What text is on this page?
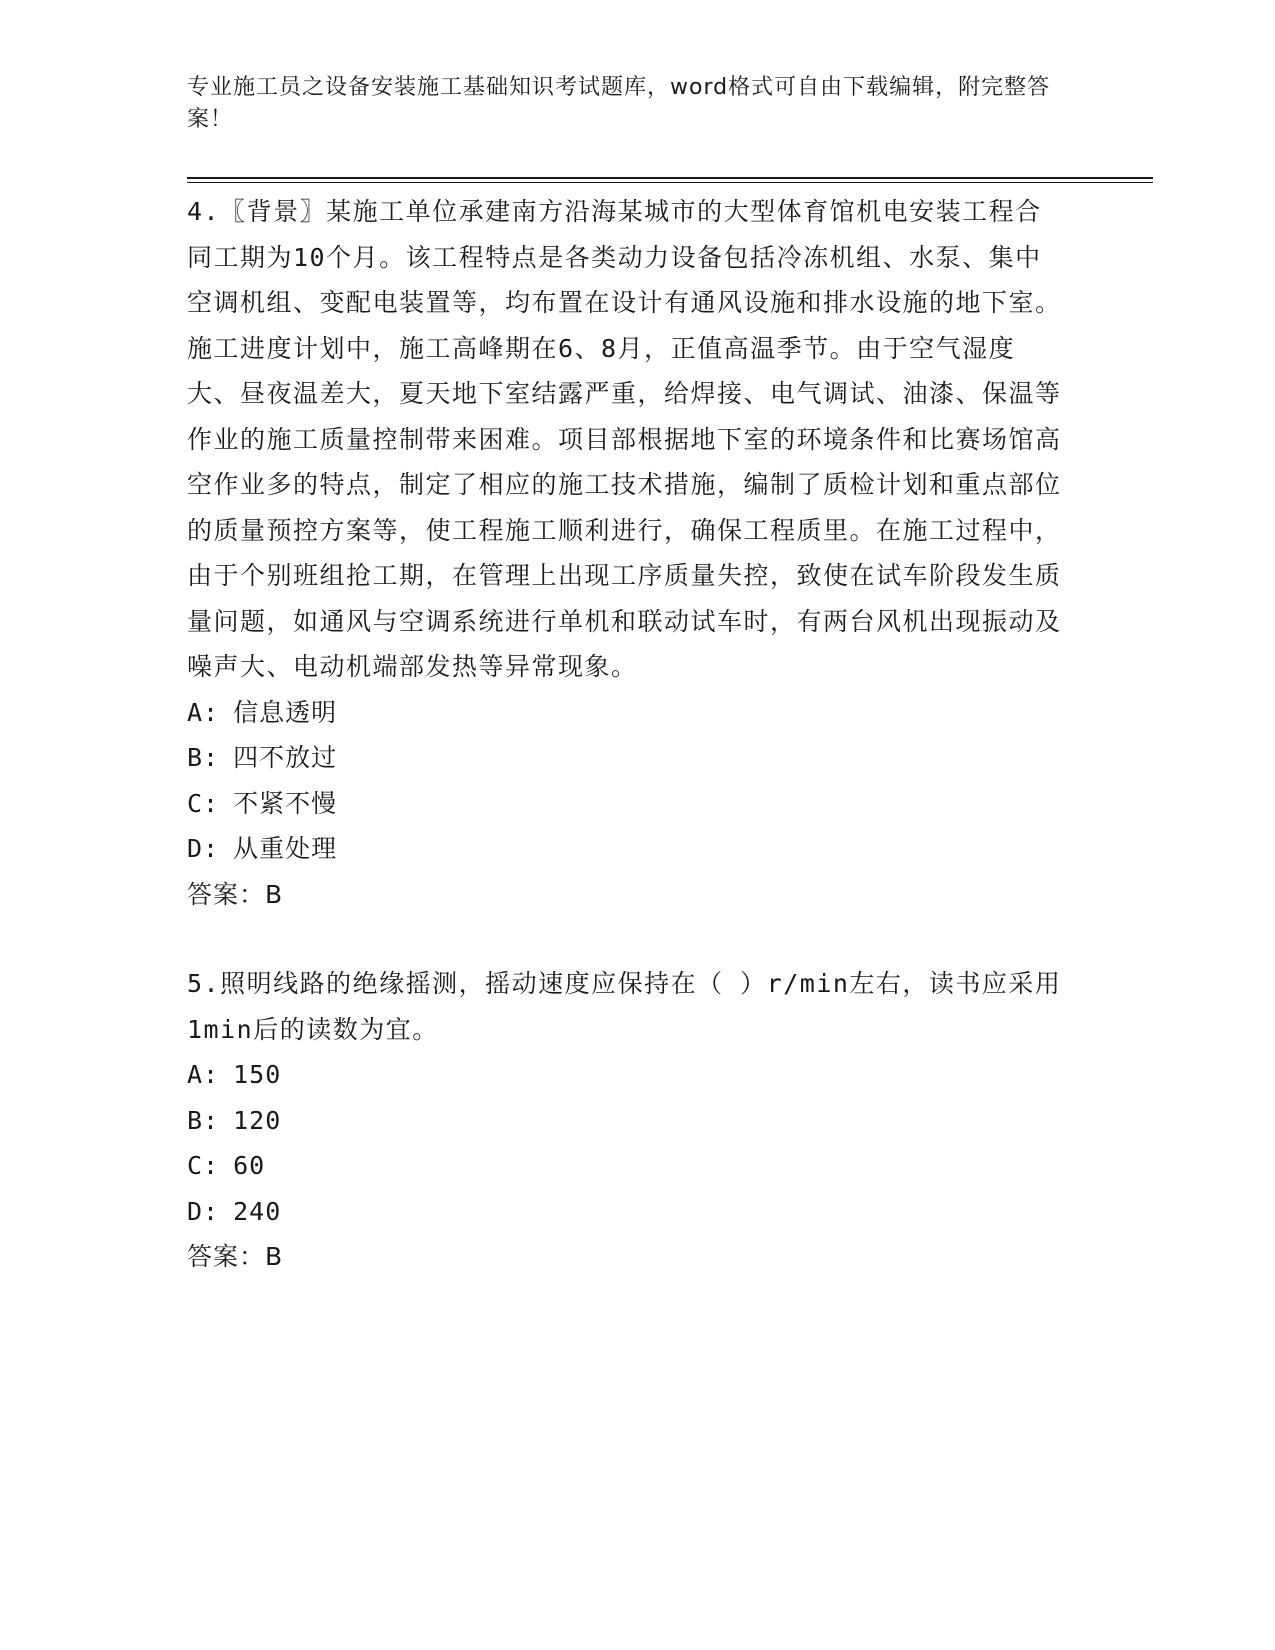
专业施工员之设备安装施工基础知识考试题库，word格式可自由下载编辑，附完整答案！

4.〖背景〗某施工单位承建南方沿海某城市的大型体育馆机电安装工程合同工期为10个月。该工程特点是各类动力设备包括冷冻机组、水泵、集中空调机组、变配电装置等，均布置在设计有通风设施和排水设施的地下室。施工进度计划中，施工高峰期在6、8月，正值高温季节。由于空气湿度大、昼夜温差大，夏天地下室结露严重，给焊接、电气调试、油漆、保温等作业的施工质量控制带来困难。项目部根据地下室的环境条件和比赛场馆高空作业多的特点，制定了相应的施工技术措施，编制了质检计划和重点部位的质量预控方案等，使工程施工顺利进行，确保工程质里。在施工过程中，由于个别班组抢工期，在管理上出现工序质量失控，致使在试车阶段发生质量问题，如通风与空调系统进行单机和联动试车时，有两台风机出现振动及噪声大、电动机端部发热等异常现象。

A: 信息透明

B: 四不放过

C: 不紧不慢

D: 从重处理

答案：B

5.照明线路的绝缘摇测，摇动速度应保持在（ ）r/min左右，读书应采用1min后的读数为宜。

A: 150

B: 120

C: 60

D: 240

答案：B
